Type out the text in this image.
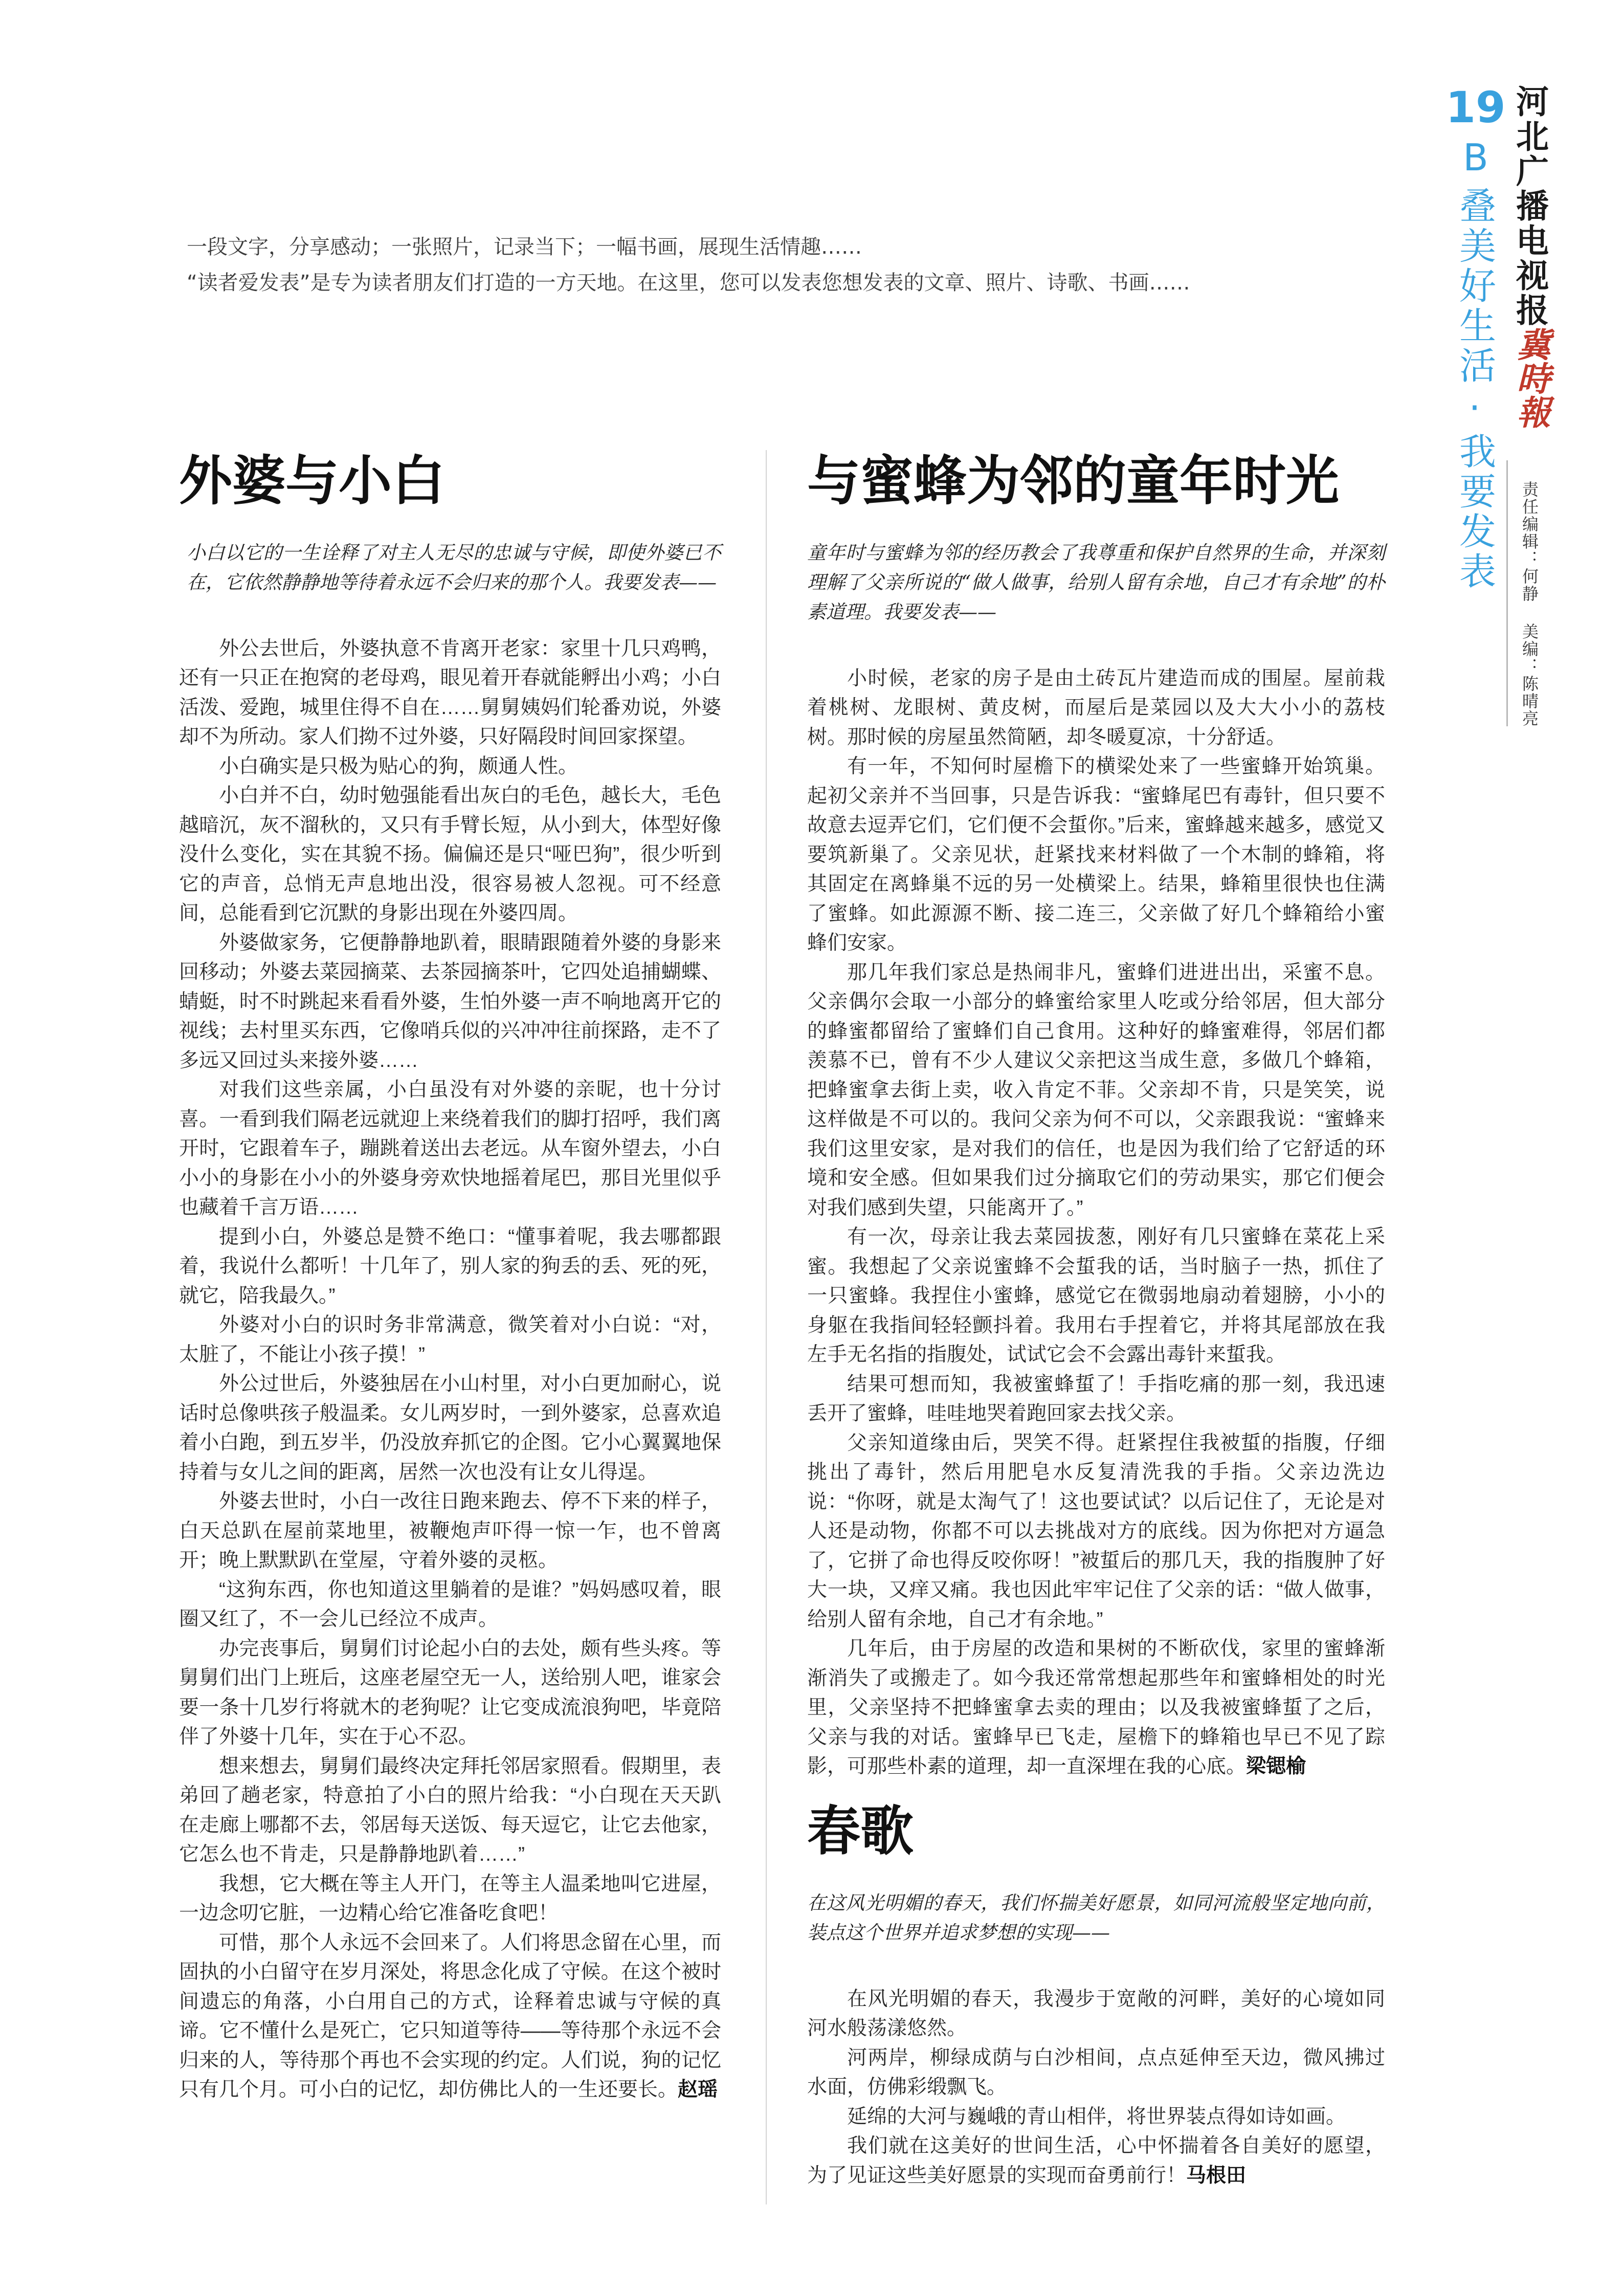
19
B
叠美好生活·我要发表 河北广播电视报
冀時報
责任编辑：何静 美编：陈晴亮
一段文字，分享感动；一张照片，记录当下；一幅书画，展现生活情趣……
“读者爱发表”是专为读者朋友们打造的一方天地。在这里，您可以发表您想发表的文章、照片、诗歌、书画……
外婆与小白
小白以它的一生诠释了对主人无尽的忠诚与守候，即使外婆已不在，它依然静静地等待着永远不会归来的那个人。我要发表——

外公去世后，外婆执意不肯离开老家：家里十几只鸡鸭，还有一只正在抱窝的老母鸡，眼见着开春就能孵出小鸡；小白活泼、爱跑，城里住得不自在……舅舅姨妈们轮番劝说，外婆却不为所动。家人们拗不过外婆，只好隔段时间回家探望。

小白确实是只极为贴心的狗，颇通人性。

小白并不白，幼时勉强能看出灰白的毛色，越长大，毛色越暗沉，灰不溜秋的，又只有手臂长短，从小到大，体型好像没什么变化，实在其貌不扬。偏偏还是只“哑巴狗”，很少听到它的声音，总悄无声息地出没，很容易被人忽视。可不经意间，总能看到它沉默的身影出现在外婆四周。

外婆做家务，它便静静地趴着，眼睛跟随着外婆的身影来回移动；外婆去菜园摘菜、去茶园摘茶叶，它四处追捕蝴蝶、蜻蜓，时不时跳起来看看外婆，生怕外婆一声不响地离开它的视线；去村里买东西，它像哨兵似的兴冲冲往前探路，走不了多远又回过头来接外婆……

对我们这些亲属，小白虽没有对外婆的亲昵，也十分讨喜。一看到我们隔老远就迎上来绕着我们的脚打招呼，我们离开时，它跟着车子，蹦跳着送出去老远。从车窗外望去，小白小小的身影在小小的外婆身旁欢快地摇着尾巴，那目光里似乎也藏着千言万语……

提到小白，外婆总是赞不绝口：“懂事着呢，我去哪都跟着，我说什么都听！十几年了，别人家的狗丢的丢、死的死，就它，陪我最久。”

外婆对小白的识时务非常满意，微笑着对小白说：“对，太脏了，不能让小孩子摸！”

外公过世后，外婆独居在小山村里，对小白更加耐心，说话时总像哄孩子般温柔。女儿两岁时，一到外婆家，总喜欢追着小白跑，到五岁半，仍没放弃抓它的企图。它小心翼翼地保持着与女儿之间的距离，居然一次也没有让女儿得逞。

外婆去世时，小白一改往日跑来跑去、停不下来的样子，白天总趴在屋前菜地里，被鞭炮声吓得一惊一乍，也不曾离开；晚上默默趴在堂屋，守着外婆的灵柩。

“这狗东西，你也知道这里躺着的是谁？”妈妈感叹着，眼圈又红了，不一会儿已经泣不成声。

办完丧事后，舅舅们讨论起小白的去处，颇有些头疼。等舅舅们出门上班后，这座老屋空无一人，送给别人吧，谁家会要一条十几岁行将就木的老狗呢？让它变成流浪狗吧，毕竟陪伴了外婆十几年，实在于心不忍。

想来想去，舅舅们最终决定拜托邻居家照看。假期里，表弟回了趟老家，特意拍了小白的照片给我：“小白现在天天趴在走廊上哪都不去，邻居每天送饭、每天逗它，让它去他家，它怎么也不肯走，只是静静地趴着……”

我想，它大概在等主人开门，在等主人温柔地叫它进屋，一边念叨它脏，一边精心给它准备吃食吧！

可惜，那个人永远不会回来了。人们将思念留在心里，而固执的小白留守在岁月深处，将思念化成了守候。在这个被时间遗忘的角落，小白用自己的方式，诠释着忠诚与守候的真谛。它不懂什么是死亡，它只知道等待——等待那个永远不会归来的人，等待那个再也不会实现的约定。人们说，狗的记忆只有几个月。可小白的记忆，却仿佛比人的一生还要长。赵瑶

与蜜蜂为邻的童年时光
童年时与蜜蜂为邻的经历教会了我尊重和保护自然界的生命，并深刻理解了父亲所说的“做人做事，给别人留有余地，自己才有余地”的朴素道理。我要发表——

小时候，老家的房子是由土砖瓦片建造而成的围屋。屋前栽着桃树、龙眼树、黄皮树，而屋后是菜园以及大大小小的荔枝树。那时候的房屋虽然简陋，却冬暖夏凉，十分舒适。

有一年，不知何时屋檐下的横梁处来了一些蜜蜂开始筑巢。起初父亲并不当回事，只是告诉我：“蜜蜂尾巴有毒针，但只要不故意去逗弄它们，它们便不会蜇你。”后来，蜜蜂越来越多，感觉又要筑新巢了。父亲见状，赶紧找来材料做了一个木制的蜂箱，将其固定在离蜂巢不远的另一处横梁上。结果，蜂箱里很快也住满了蜜蜂。如此源源不断、接二连三，父亲做了好几个蜂箱给小蜜蜂们安家。

那几年我们家总是热闹非凡，蜜蜂们进进出出，采蜜不息。父亲偶尔会取一小部分的蜂蜜给家里人吃或分给邻居，但大部分的蜂蜜都留给了蜜蜂们自己食用。这种好的蜂蜜难得，邻居们都羡慕不已，曾有不少人建议父亲把这当成生意，多做几个蜂箱，把蜂蜜拿去街上卖，收入肯定不菲。父亲却不肯，只是笑笑，说这样做是不可以的。我问父亲为何不可以，父亲跟我说：“蜜蜂来我们这里安家，是对我们的信任，也是因为我们给了它舒适的环境和安全感。但如果我们过分摘取它们的劳动果实，那它们便会对我们感到失望，只能离开了。”

有一次，母亲让我去菜园拔葱，刚好有几只蜜蜂在菜花上采蜜。我想起了父亲说蜜蜂不会蜇我的话，当时脑子一热，抓住了一只蜜蜂。我捏住小蜜蜂，感觉它在微弱地扇动着翅膀，小小的身躯在我指间轻轻颤抖着。我用右手捏着它，并将其尾部放在我左手无名指的指腹处，试试它会不会露出毒针来蜇我。

结果可想而知，我被蜜蜂蜇了！手指吃痛的那一刻，我迅速丢开了蜜蜂，哇哇地哭着跑回家去找父亲。

父亲知道缘由后，哭笑不得。赶紧捏住我被蜇的指腹，仔细挑出了毒针，然后用肥皂水反复清洗我的手指。父亲边洗边说：“你呀，就是太淘气了！这也要试试？以后记住了，无论是对人还是动物，你都不可以去挑战对方的底线。因为你把对方逼急了，它拼了命也得反咬你呀！”被蜇后的那几天，我的指腹肿了好大一块，又痒又痛。我也因此牢牢记住了父亲的话：“做人做事，给别人留有余地，自己才有余地。”

几年后，由于房屋的改造和果树的不断砍伐，家里的蜜蜂渐渐消失了或搬走了。如今我还常常想起那些年和蜜蜂相处的时光里，父亲坚持不把蜂蜜拿去卖的理由；以及我被蜜蜂蜇了之后，父亲与我的对话。蜜蜂早已飞走，屋檐下的蜂箱也早已不见了踪影，可那些朴素的道理，却一直深埋在我的心底。梁锶榆

春歌
在这风光明媚的春天，我们怀揣美好愿景，如同河流般坚定地向前，装点这个世界并追求梦想的实现——

在风光明媚的春天，我漫步于宽敞的河畔，美好的心境如同河水般荡漾悠然。

河两岸，柳绿成荫与白沙相间，点点延伸至天边，微风拂过水面，仿佛彩缎飘飞。

延绵的大河与巍峨的青山相伴，将世界装点得如诗如画。

我们就在这美好的世间生活，心中怀揣着各自美好的愿望，为了见证这些美好愿景的实现而奋勇前行！马根田
